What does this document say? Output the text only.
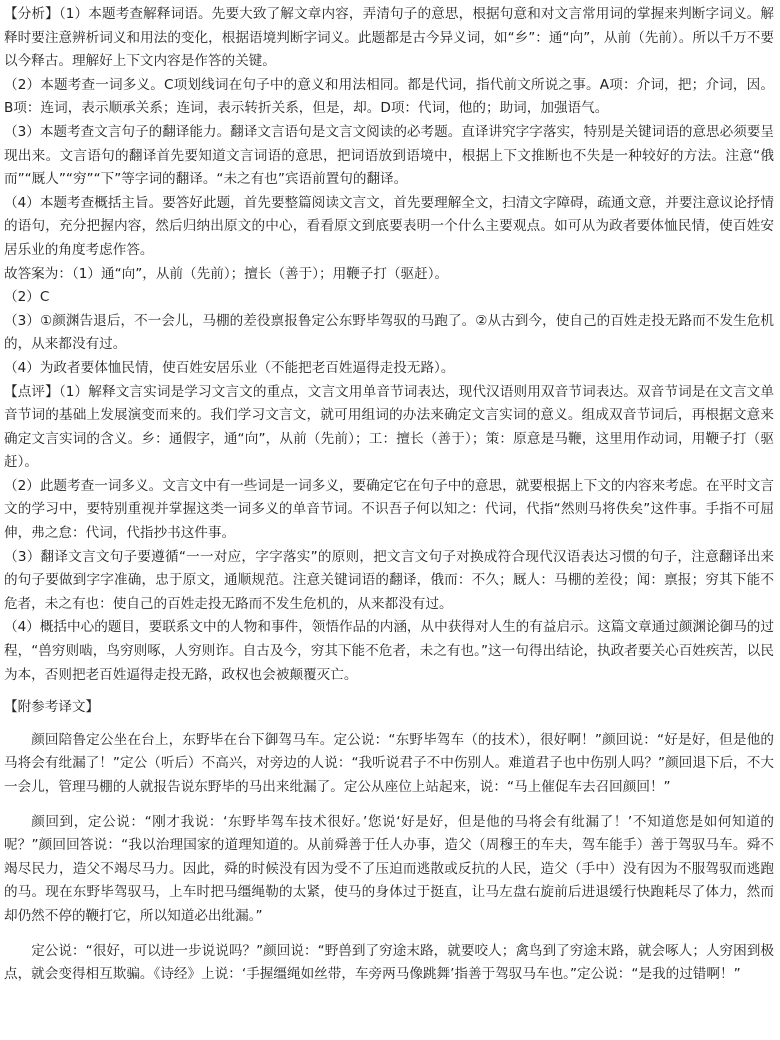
【分析】（1）本题考查解释词语。先要大致了解文章内容，弄清句子的意思，根据句意和对文言常用词的掌握来判断字词义。解释时要注意辨析词义和用法的变化，根据语境判断字词义。此题都是古今异义词，如“乡”：通“向”，从前（先前）。所以千万不要以今释古。理解好上下文内容是作答的关键。

（2）本题考查一词多义。C项划线词在句子中的意义和用法相同。都是代词，指代前文所说之事。A项：介词，把；介词，因。B项：连词，表示顺承关系；连词，表示转折关系，但是，却。D项：代词，他的；助词，加强语气。

（3）本题考查文言句子的翻译能力。翻译文言语句是文言文阅读的必考题。直译讲究字字落实，特别是关键词语的意思必须要呈现出来。文言语句的翻译首先要知道文言词语的意思，把词语放到语境中，根据上下文推断也不失是一种较好的方法。注意“俄而”“厩人”“穷”“下”等字词的翻译。“未之有也”宾语前置句的翻译。

（4）本题考查概括主旨。要答好此题，首先要整篇阅读文言文，首先要理解全文，扫清文字障碍，疏通文意，并要注意议论抒情的语句，充分把握内容，然后归纳出原文的中心，看看原文到底要表明一个什么主要观点。如可从为政者要体恤民情，使百姓安居乐业的角度考虑作答。

故答案为：（1）通“向”，从前（先前）；擅长（善于）；用鞭子打（驱赶）。

（2）C

（3）①颜渊告退后，不一会儿，马棚的差役禀报鲁定公东野毕驾驭的马跑了。②从古到今，使自己的百姓走投无路而不发生危机的，从来都没有过。

（4）为政者要体恤民情，使百姓安居乐业（不能把老百姓逼得走投无路）。

【点评】（1）解释文言实词是学习文言文的重点，文言文用单音节词表达，现代汉语则用双音节词表达。双音节词是在文言文单音节词的基础上发展演变而来的。我们学习文言文，就可用组词的办法来确定文言实词的意义。组成双音节词后，再根据文意来确定文言实词的含义。乡：通假字，通“向”，从前（先前）；工：擅长（善于）；策：原意是马鞭，这里用作动词，用鞭子打（驱赶）。

（2）此题考查一词多义。文言文中有一些词是一词多义，要确定它在句子中的意思，就要根据上下文的内容来考虑。在平时文言文的学习中，要特别重视并掌握这类一词多义的单音节词。不识吾子何以知之：代词，代指“然则马将佚矣”这件事。手指不可屈伸，弗之怠：代词，代指抄书这件事。

（3）翻译文言文句子要遵循“一一对应，字字落实”的原则，把文言文句子对换成符合现代汉语表达习惯的句子，注意翻译出来的句子要做到字字准确，忠于原文，通顺规范。注意关键词语的翻译，俄而：不久；厩人：马棚的差役；闻：禀报；穷其下能不危者，未之有也：使自己的百姓走投无路而不发生危机的，从来都没有过。

（4）概括中心的题目，要联系文中的人物和事件，领悟作品的内涵，从中获得对人生的有益启示。这篇文章通过颜渊论御马的过程，“兽穷则啮，鸟穷则啄，人穷则诈。自古及今，穷其下能不危者，未之有也。”这一句得出结论，执政者要关心百姓疾苦，以民为本，否则把老百姓逼得走投无路，政权也会被颠覆灭亡。

【附参考译文】

颜回陪鲁定公坐在台上，东野毕在台下御驾马车。定公说：“东野毕驾车（的技术），很好啊！”颜回说：“好是好，但是他的马将会有纰漏了！”定公（听后）不高兴，对旁边的人说：“我听说君子不中伤别人。难道君子也中伤别人吗？”颜回退下后，不大一会儿，管理马棚的人就报告说东野毕的马出来纰漏了。定公从座位上站起来，说：“马上催促车去召回颜回！”

颜回到，定公说：“刚才我说：‘东野毕驾车技术很好。’您说‘好是好，但是他的马将会有纰漏了！’不知道您是如何知道的呢？”颜回回答说：“我以治理国家的道理知道的。从前舜善于任人办事，造父（周穆王的车夫，驾车能手）善于驾驭马车。舜不竭尽民力，造父不竭尽马力。因此，舜的时候没有因为受不了压迫而逃散或反抗的人民，造父（手中）没有因为不服驾驭而逃跑的马。现在东野毕驾驭马，上车时把马缰绳勒的太紧，使马的身体过于挺直，让马左盘右旋前后进退缓行快跑耗尽了体力，然而却仍然不停的鞭打它，所以知道必出纰漏。”

定公说：“很好，可以进一步说说吗？”颜回说：“野兽到了穷途末路，就要咬人；禽鸟到了穷途末路，就会啄人；人穷困到极点，就会变得相互欺骗。《诗经》上说：‘手握缰绳如丝带，车旁两马像跳舞’指善于驾驭马车也。”定公说：“是我的过错啊！”
